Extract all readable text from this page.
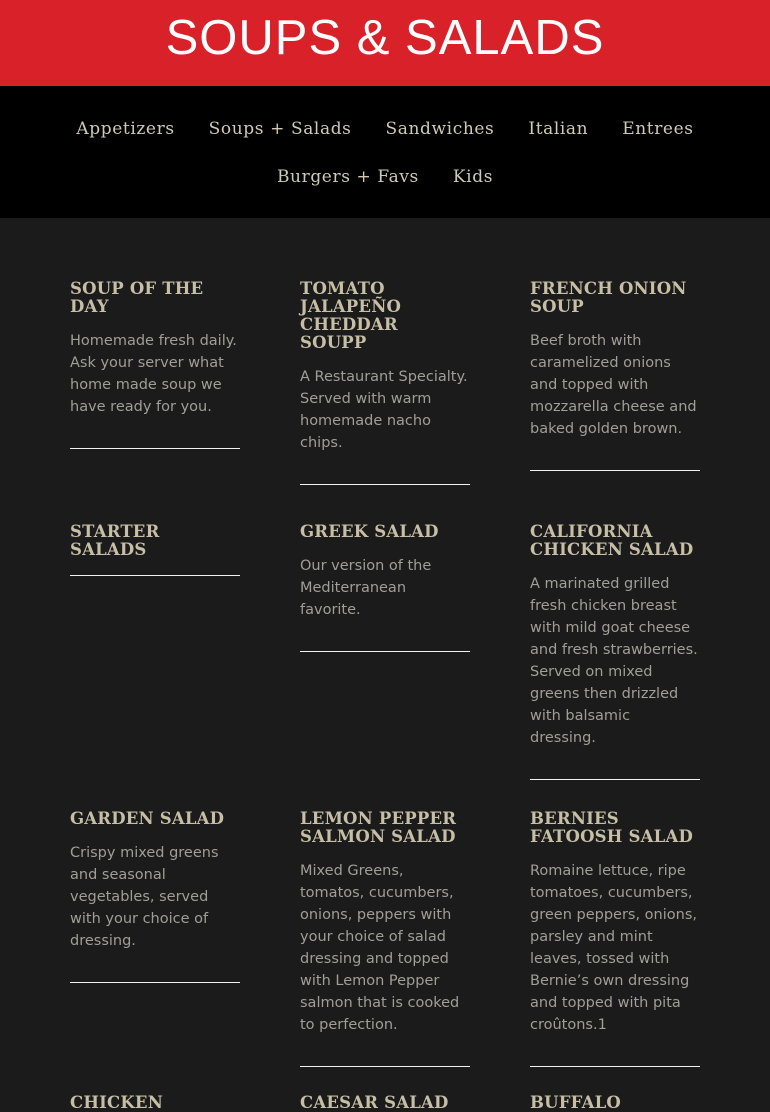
SOUPS & SALADS
Appetizers Soups + Salads Sandwiches Italian Entrees
Burgers + Favs Kids
SOUP OF THE DAY

Homemade fresh daily. Ask your server what home made soup we have ready for you.

TOMATO JALAPEÑO CHEDDAR SOUPP

A Restaurant Specialty. Served with warm homemade nacho chips.

FRENCH ONION SOUP

Beef broth with caramelized onions and topped with mozzarella cheese and baked golden brown.

STARTER SALADS
GREEK SALAD

Our version of the Mediterranean favorite.

CALIFORNIA CHICKEN SALAD

A marinated grilled fresh chicken breast with mild goat cheese and fresh strawberries. Served on mixed greens then drizzled with balsamic dressing.

GARDEN SALAD

Crispy mixed greens and seasonal vegetables, served with your choice of dressing.

LEMON PEPPER SALMON SALAD

Mixed Greens, tomatos, cucumbers, onions, peppers with your choice of salad dressing and topped with Lemon Pepper salmon that is cooked to perfection.

BERNIES FATOOSH SALAD

Romaine lettuce, ripe tomatoes, cucumbers, green peppers, onions, parsley and mint leaves, tossed with Bernie’s own dressing and topped with pita croûtons.1

CHICKEN	CAESAR SALAD	BUFFALO
